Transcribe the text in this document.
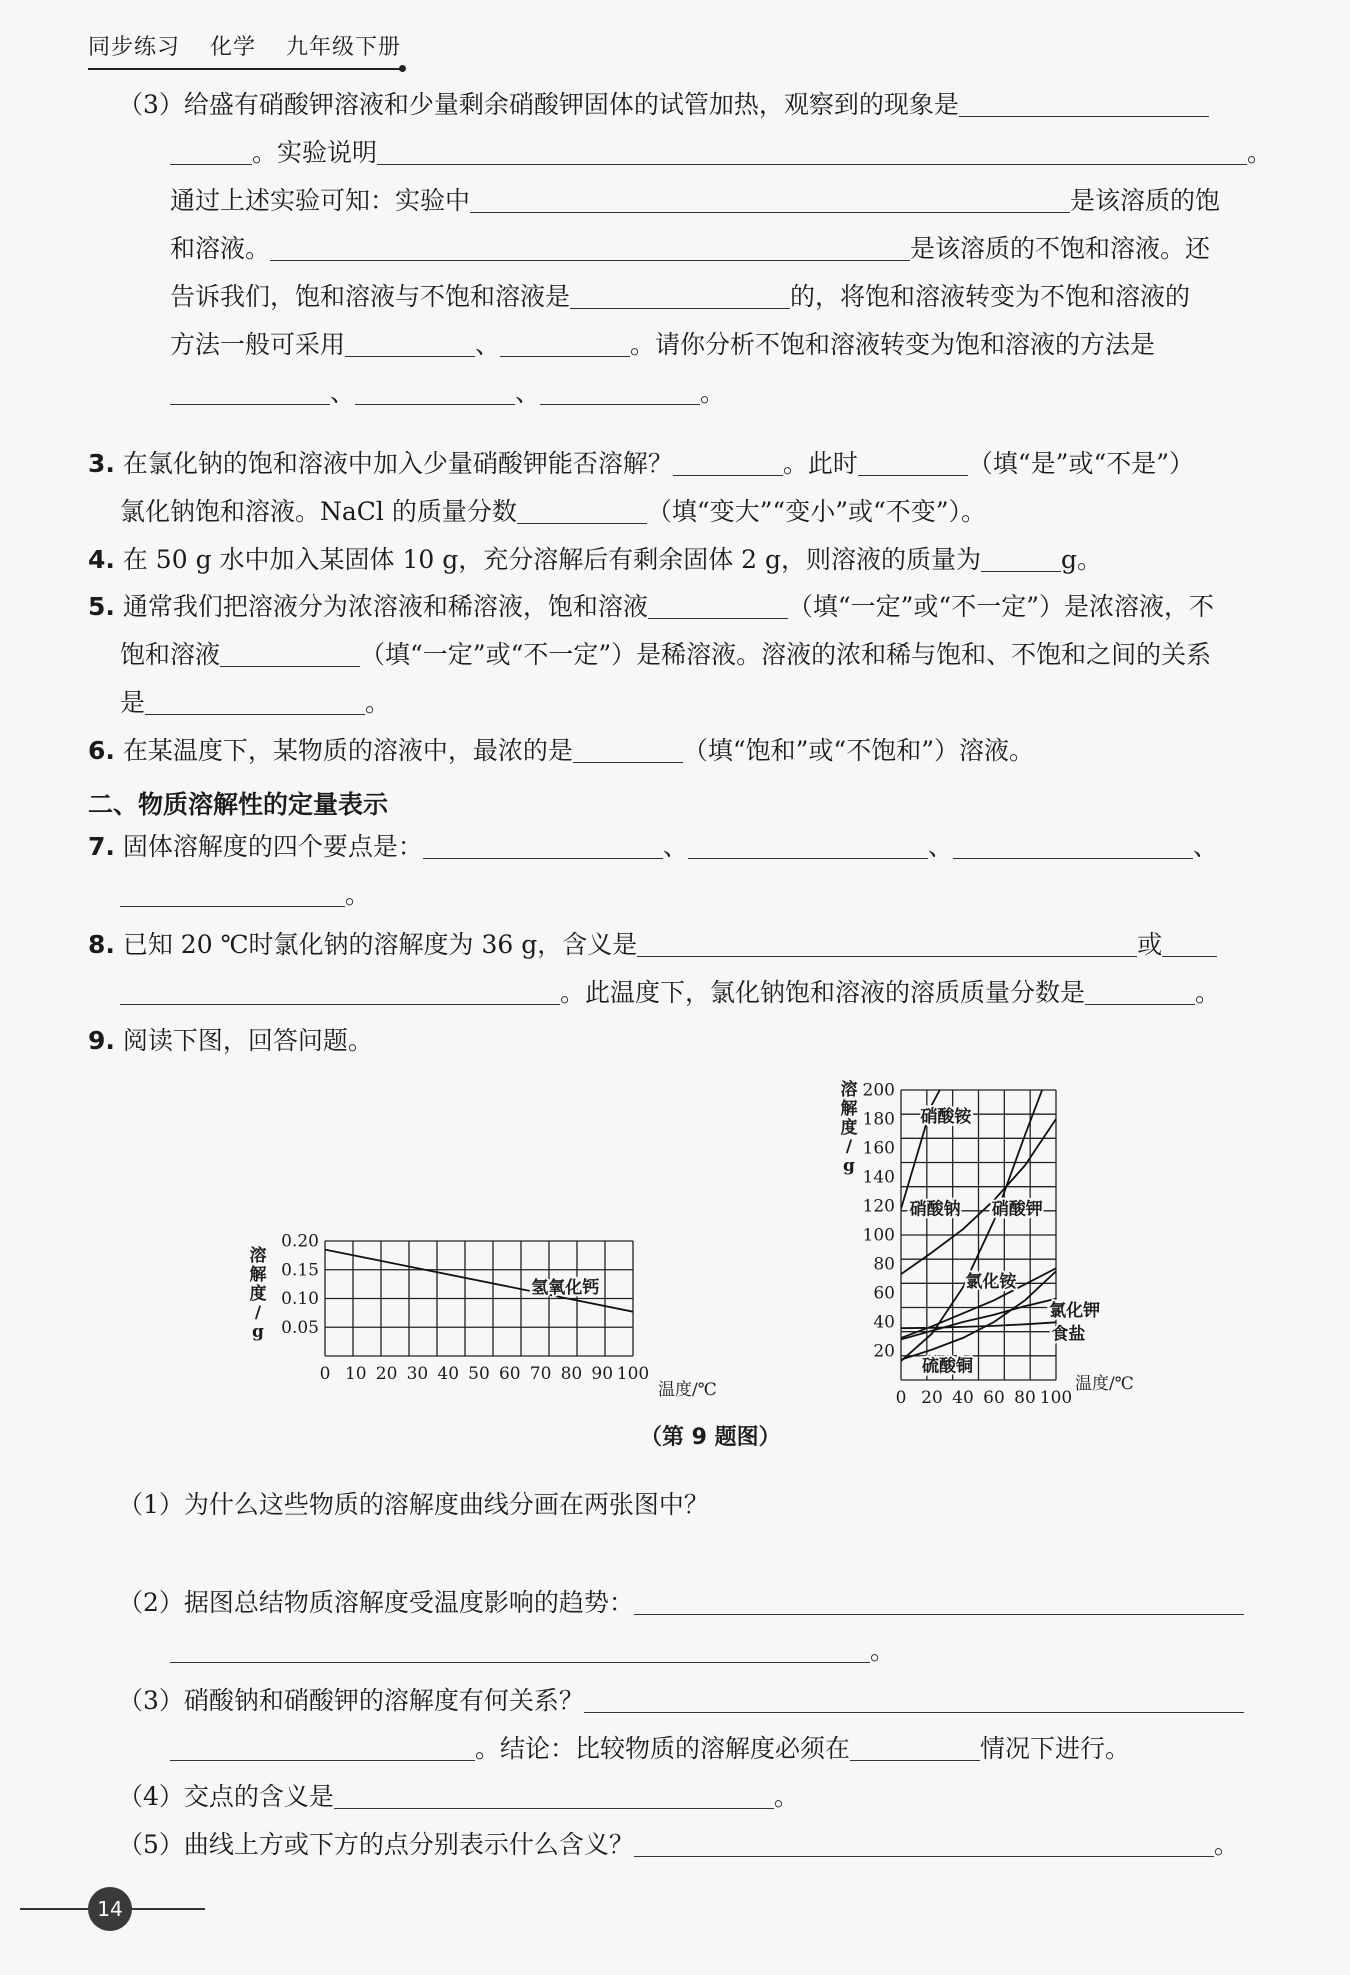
同步练习 化学 九年级下册
（3）给盛有硝酸钾溶液和少量剩余硝酸钾固体的试管加热，观察到的现象是
。实验说明	。
通过上述实验可知：实验中	是该溶质的饱
和溶液。	是该溶质的不饱和溶液。还
告诉我们，饱和溶液与不饱和溶液是	的，将饱和溶液转变为不饱和溶液的
方法一般可采用	、	。请你分析不饱和溶液转变为饱和溶液的方法是
、	、	。
3. 在氯化钠的饱和溶液中加入少量硝酸钾能否溶解？	。此时	（填“是”或“不是”）
氯化钠饱和溶液。NaCl 的质量分数	（填“变大”“变小”或“不变”）。
4. 在 50 g 水中加入某固体 10 g，充分溶解后有剩余固体 2 g，则溶液的质量为	g。
5. 通常我们把溶液分为浓溶液和稀溶液，饱和溶液	（填“一定”或“不一定”）是浓溶液，不
饱和溶液	（填“一定”或“不一定”）是稀溶液。溶液的浓和稀与饱和、不饱和之间的关系
是	。
6. 在某温度下，某物质的溶液中，最浓的是	（填“饱和”或“不饱和”）溶液。
二、物质溶解性的定量表示
7. 固体溶解度的四个要点是：	、	、	、
。
8. 已知 20 ℃时氯化钠的溶解度为 36 g，含义是	或
。此温度下，氯化钠饱和溶液的溶质质量分数是	。
9. 阅读下图，回答问题。
0 10 20 30 40 50 60 70 80 90 100
0.20
0.15
0.10
0.05
溶
解
度
/
g
温度/℃
氢氧化钙
0 20 40 60 80 100
200
180
160
140
120
100
80
60
40
20
溶
解
度
/
g
温度/℃
硝酸铵
硝酸钠 硝酸钾
氯化铵
氯化钾
食盐
硫酸铜
（第 9 题图）
（1）为什么这些物质的溶解度曲线分画在两张图中？
（2）据图总结物质溶解度受温度影响的趋势：
。
（3）硝酸钠和硝酸钾的溶解度有何关系？
。结论：比较物质的溶解度必须在	情况下进行。
（4）交点的含义是	。
（5）曲线上方或下方的点分别表示什么含义？	。
14
